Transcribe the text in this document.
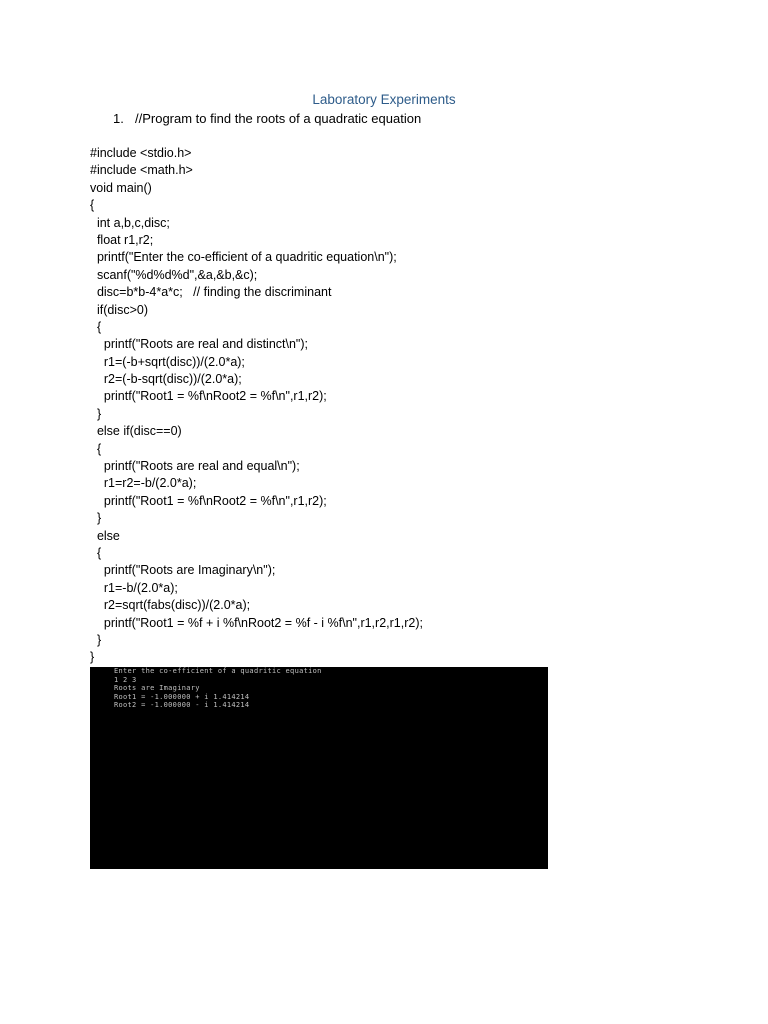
Laboratory Experiments
1. //Program to find the roots of a quadratic equation
#include <stdio.h>
#include <math.h>
void main()
{
int a,b,c,disc;
float r1,r2;
printf("Enter the co-efficient of a quadritic equation\n");
scanf("%d%d%d",&a,&b,&c);
disc=b*b-4*a*c;   // finding the discriminant
if(disc>0)
{
printf("Roots are real and distinct\n");
r1=(-b+sqrt(disc))/(2.0*a);
r2=(-b-sqrt(disc))/(2.0*a);
printf("Root1 = %f\nRoot2 = %f\n",r1,r2);
}
else if(disc==0)
{
printf("Roots are real and equal\n");
r1=r2=-b/(2.0*a);
printf("Root1 = %f\nRoot2 = %f\n",r1,r2);
}
else
{
printf("Roots are Imaginary\n");
r1=-b/(2.0*a);
r2=sqrt(fabs(disc))/(2.0*a);
printf("Root1 = %f + i %f\nRoot2 = %f - i %f\n",r1,r2,r1,r2);
}
}
Enter the co-efficient of a quadritic equation
1 2 3
Roots are Imaginary
Root1 = -1.000000 + i 1.414214
Root2 = -1.000000 - i 1.414214
